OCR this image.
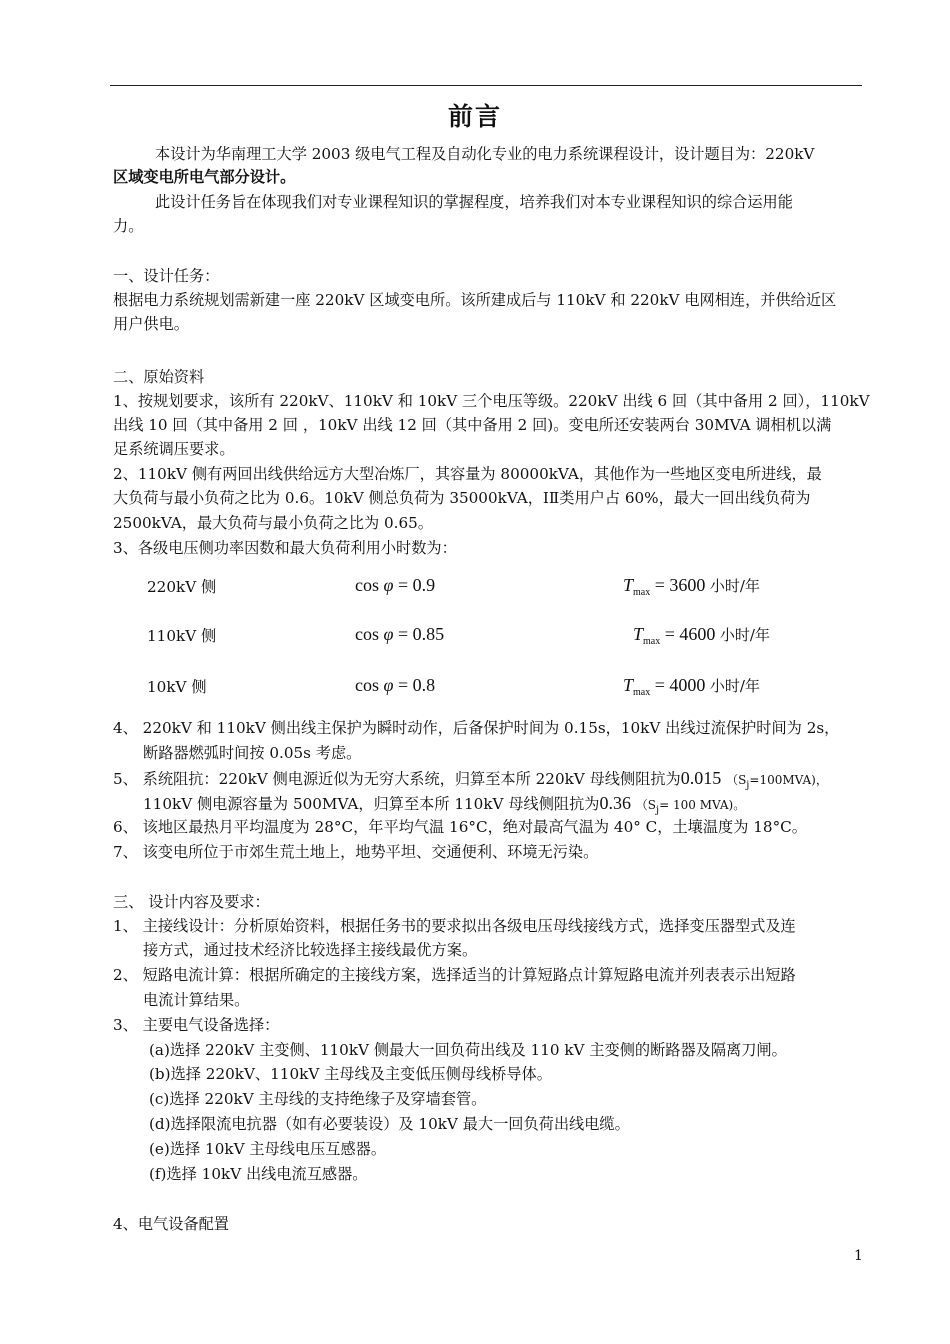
前言
本设计为华南理工大学 2003 级电气工程及自动化专业的电力系统课程设计，设计题目为：220kV
区域变电所电气部分设计。
此设计任务旨在体现我们对专业课程知识的掌握程度，培养我们对本专业课程知识的综合运用能
力。
一、设计任务：
根据电力系统规划需新建一座 220kV 区域变电所。该所建成后与 110kV 和 220kV 电网相连，并供给近区
用户供电。
二、原始资料
1、按规划要求，该所有 220kV、110kV 和 10kV 三个电压等级。220kV 出线 6 回（其中备用 2 回），110kV
出线 10 回（其中备用 2 回 ，10kV 出线 12 回（其中备用 2 回)。变电所还安装两台 30MVA 调相机以满
足系统调压要求。
2、110kV 侧有两回出线供给远方大型冶炼厂，其容量为 80000kVA，其他作为一些地区变电所进线，最
大负荷与最小负荷之比为 0.6。10kV 侧总负荷为 35000kVA，ⅠⅡ类用户占 60%，最大一回出线负荷为
2500kVA，最大负荷与最小负荷之比为 0.65。
3、各级电压侧功率因数和最大负荷利用小时数为：
220kV 侧	cos φ = 0.9	$T_{max} = 3600$ 小时/年
110kV 侧	cos φ = 0.85	$T_{max} = 4600$ 小时/年
10kV 侧	cos φ = 0.8	$T_{max} = 4000$ 小时/年
4、 220kV 和 110kV 侧出线主保护为瞬时动作，后备保护时间为 0.15s，10kV 出线过流保护时间为 2s，
断路器燃弧时间按 0.05s 考虑。
5、 系统阻抗：220kV 侧电源近似为无穷大系统，归算至本所 220kV 母线侧阻抗为0.015 $(S_j=100MVA)$，
110kV 侧电源容量为 500MVA，归算至本所 110kV 母线侧阻抗为0.36 （$S_j= 100$ MVA)。
6、 该地区最热月平均温度为 28°C，年平均气温 16°C，绝对最高气温为 40° C，土壤温度为 18°C。
7、 该变电所位于市郊生荒土地上，地势平坦、交通便利、环境无污染。
三、 设计内容及要求：
1、 主接线设计：分析原始资料，根据任务书的要求拟出各级电压母线接线方式，选择变压器型式及连
接方式，通过技术经济比较选择主接线最优方案。
2、 短路电流计算：根据所确定的主接线方案，选择适当的计算短路点计算短路电流并列表表示出短路
电流计算结果。
3、 主要电气设备选择：
(a)选择 220kV 主变侧、110kV 侧最大一回负荷出线及 110 kV 主变侧的断路器及隔离刀闸。
(b)选择 220kV、110kV 主母线及主变低压侧母线桥导体。
(c)选择 220kV 主母线的支持绝缘子及穿墙套管。
(d)选择限流电抗器（如有必要装设）及 10kV 最大一回负荷出线电缆。
(e)选择 10kV 主母线电压互感器。
(f)选择 10kV 出线电流互感器。
4、电气设备配置
1
